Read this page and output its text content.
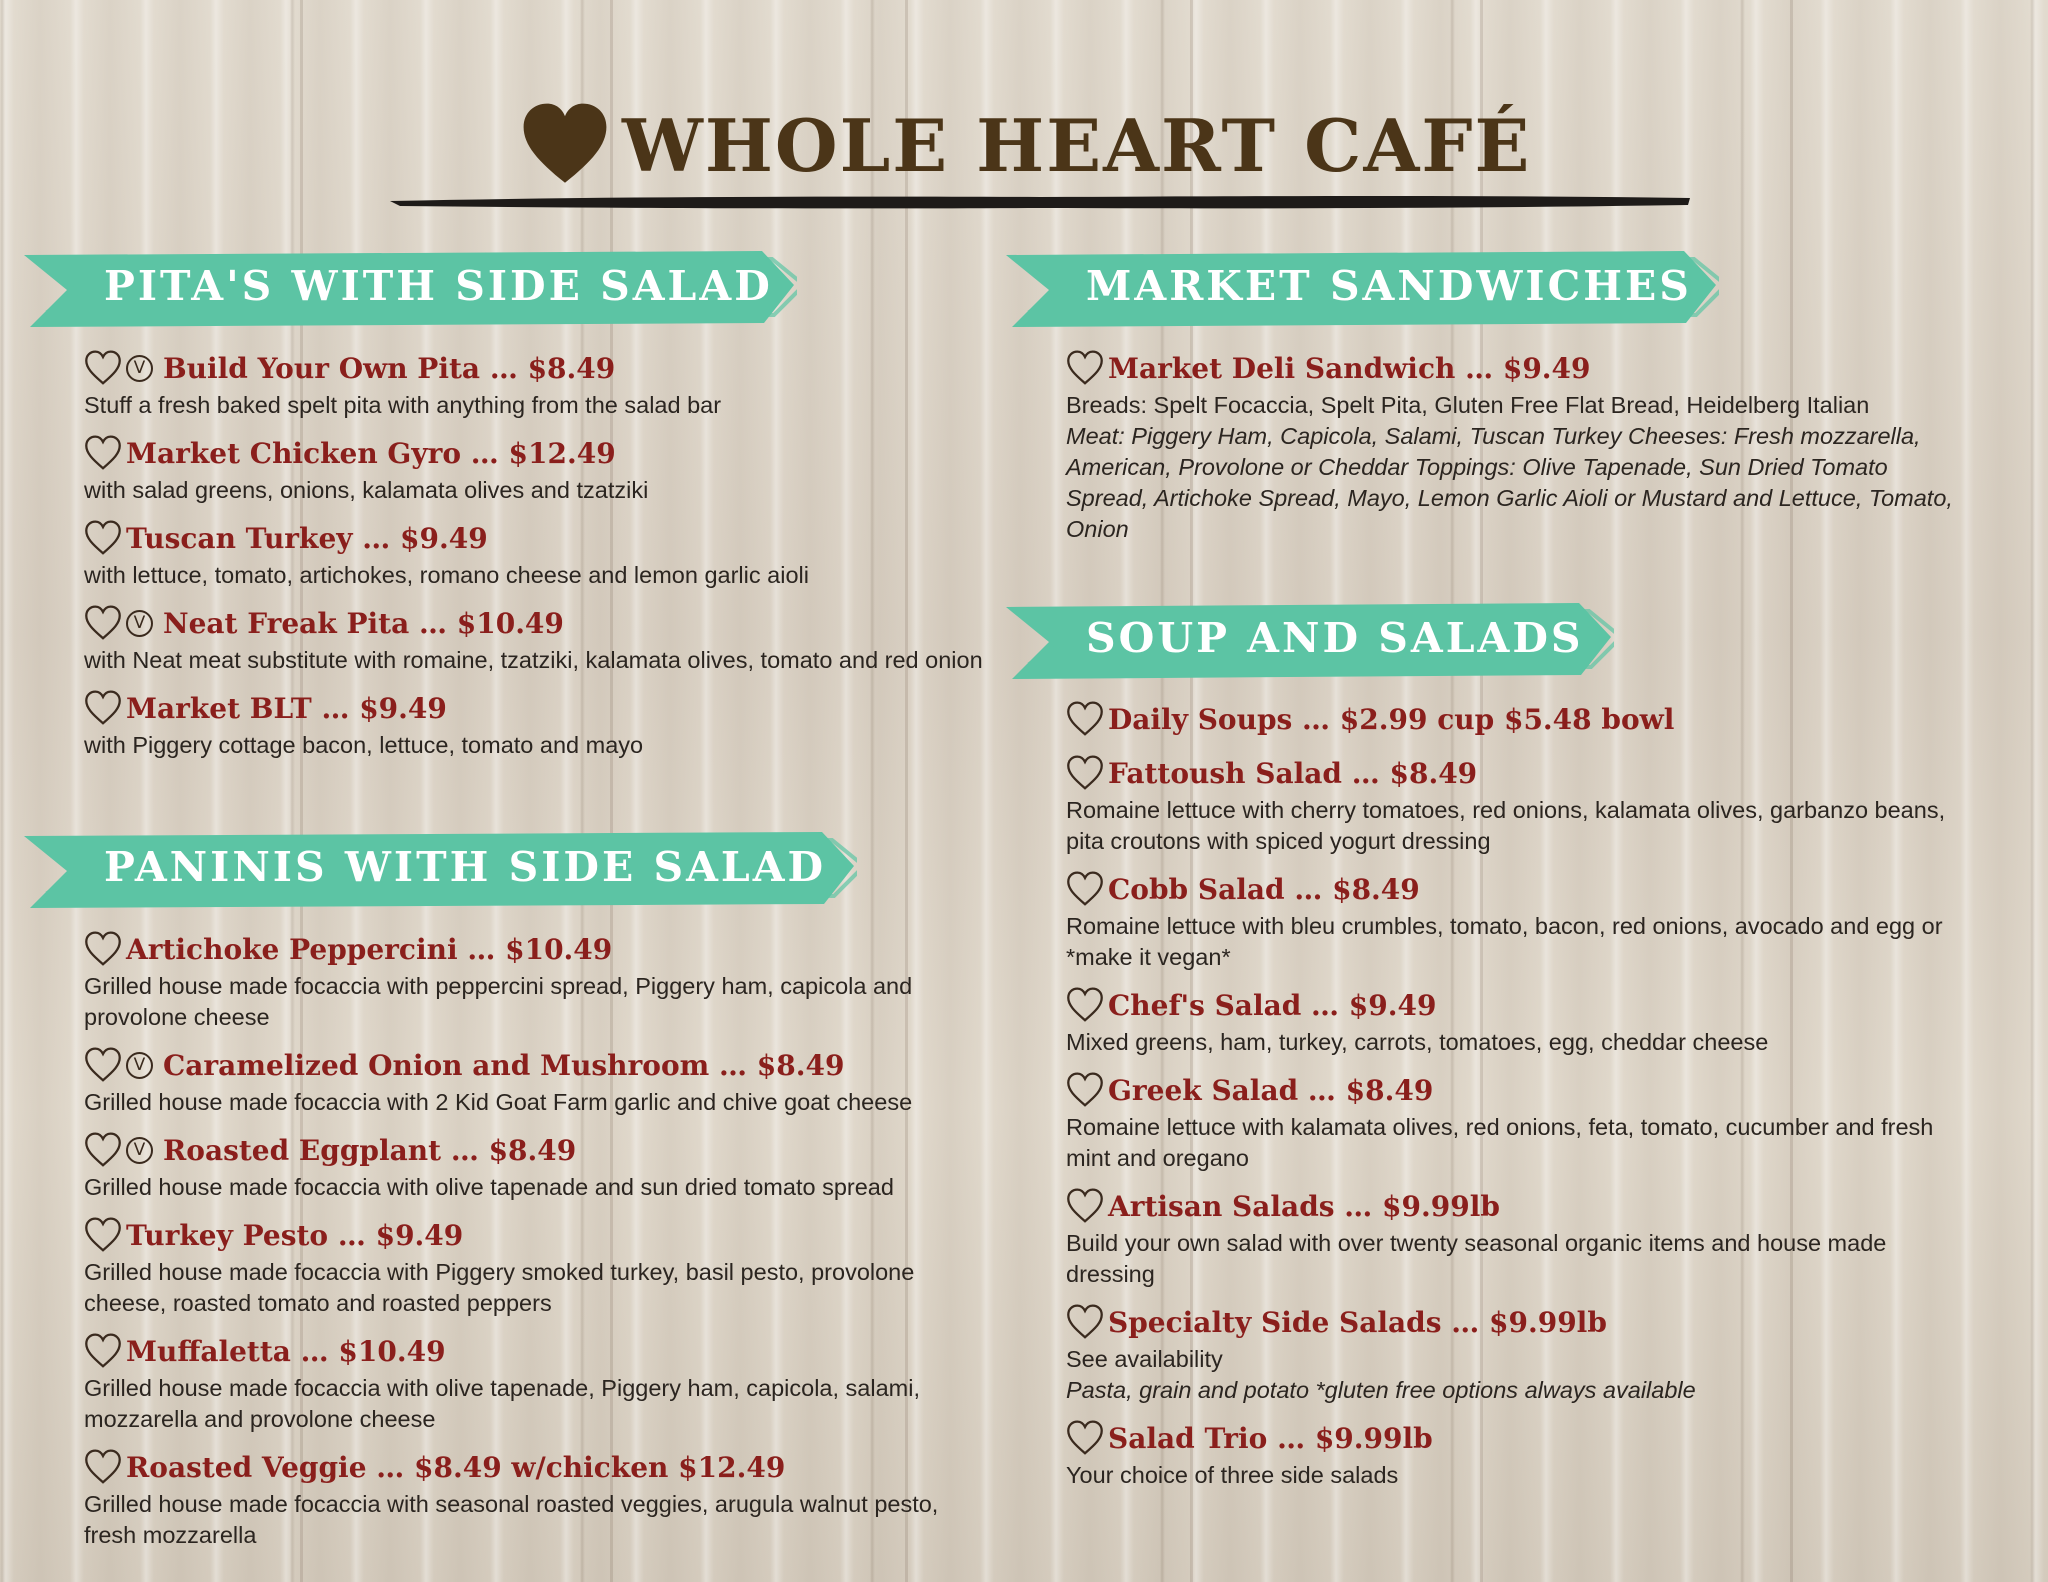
WHOLE HEART CAFÉ
PITA'S WITH SIDE SALAD
V Build Your Own Pita … $8.49
Stuff a fresh baked spelt pita with anything from the salad bar
Market Chicken Gyro … $12.49
with salad greens, onions, kalamata olives and tzatziki
Tuscan Turkey … $9.49
with lettuce, tomato, artichokes, romano cheese and lemon garlic aioli
V Neat Freak Pita … $10.49
with Neat meat substitute with romaine, tzatziki, kalamata olives, tomato and red onion
Market BLT … $9.49
with Piggery cottage bacon, lettuce, tomato and mayo
PANINIS WITH SIDE SALAD
Artichoke Peppercini … $10.49
Grilled house made focaccia with peppercini spread, Piggery ham, capicola and provolone cheese
V Caramelized Onion and Mushroom … $8.49
Grilled house made focaccia with 2 Kid Goat Farm garlic and chive goat cheese
V Roasted Eggplant … $8.49
Grilled house made focaccia with olive tapenade and sun dried tomato spread
Turkey Pesto … $9.49
Grilled house made focaccia with Piggery smoked turkey, basil pesto, provolone cheese, roasted tomato and roasted peppers
Muffaletta … $10.49
Grilled house made focaccia with olive tapenade, Piggery ham, capicola, salami, mozzarella and provolone cheese
Roasted Veggie … $8.49 w/chicken $12.49
Grilled house made focaccia with seasonal roasted veggies, arugula walnut pesto, fresh mozzarella
MARKET SANDWICHES
Market Deli Sandwich … $9.49
Breads: Spelt Focaccia, Spelt Pita, Gluten Free Flat Bread, Heidelberg Italian
Meat: Piggery Ham, Capicola, Salami, Tuscan Turkey Cheeses: Fresh mozzarella, American, Provolone or Cheddar Toppings: Olive Tapenade, Sun Dried Tomato Spread, Artichoke Spread, Mayo, Lemon Garlic Aioli or Mustard and Lettuce, Tomato, Onion
SOUP AND SALADS
Daily Soups … $2.99 cup $5.48 bowl
Fattoush Salad … $8.49
Romaine lettuce with cherry tomatoes, red onions, kalamata olives, garbanzo beans, pita croutons with spiced yogurt dressing
Cobb Salad … $8.49
Romaine lettuce with bleu crumbles, tomato, bacon, red onions, avocado and egg or *make it vegan*
Chef's Salad … $9.49
Mixed greens, ham, turkey, carrots, tomatoes, egg, cheddar cheese
Greek Salad … $8.49
Romaine lettuce with kalamata olives, red onions, feta, tomato, cucumber and fresh mint and oregano
Artisan Salads … $9.99lb
Build your own salad with over twenty seasonal organic items and house made dressing
Specialty Side Salads … $9.99lb
See availability
Pasta, grain and potato *gluten free options always available
Salad Trio … $9.99lb
Your choice of three side salads
